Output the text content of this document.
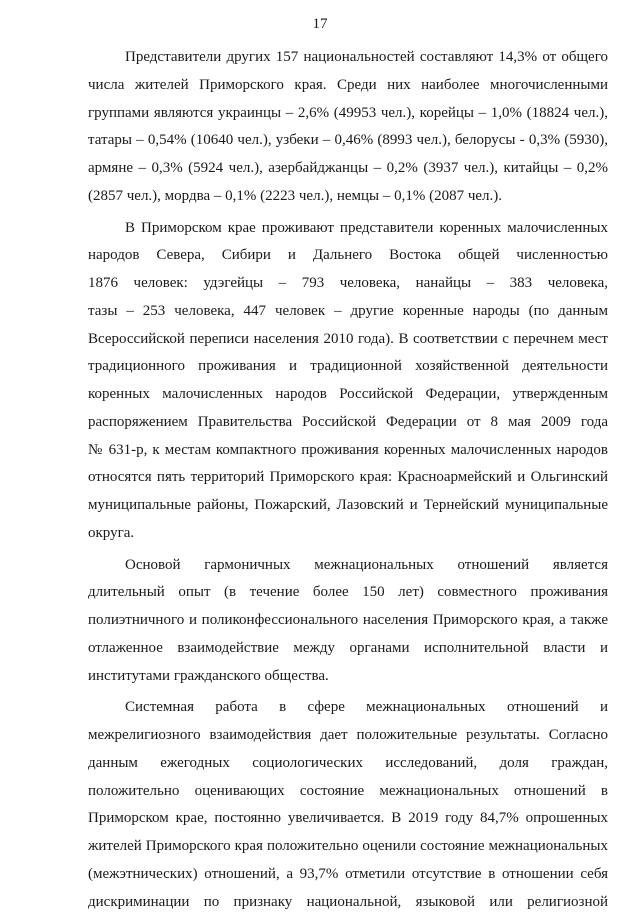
17
Представители других 157 национальностей составляют 14,3% от общего
числа жителей Приморского края. Среди них наиболее многочисленными
группами являются украинцы – 2,6% (49953 чел.), корейцы – 1,0% (18824 чел.),
татары – 0,54% (10640 чел.), узбеки – 0,46% (8993 чел.), белорусы - 0,3% (5930),
армяне – 0,3% (5924 чел.), азербайджанцы – 0,2% (3937 чел.), китайцы – 0,2%
(2857 чел.), мордва – 0,1% (2223 чел.), немцы – 0,1% (2087 чел.).
В Приморском крае проживают представители коренных малочисленных
народов Севера, Сибири и Дальнего Востока общей численностью
1876 человек: удэгейцы – 793 человека, нанайцы – 383 человека,
тазы – 253 человека, 447 человек – другие коренные народы (по данным
Всероссийской переписи населения 2010 года). В соответствии с перечнем мест
традиционного проживания и традиционной хозяйственной деятельности
коренных малочисленных народов Российской Федерации, утвержденным
распоряжением Правительства Российской Федерации от 8 мая 2009 года
№ 631-р, к местам компактного проживания коренных малочисленных народов
относятся пять территорий Приморского края: Красноармейский и Ольгинский
муниципальные районы, Пожарский, Лазовский и Тернейский муниципальные
округа.
Основой гармоничных межнациональных отношений является
длительный опыт (в течение более 150 лет) совместного проживания
полиэтничного и поликонфессионального населения Приморского края, а также
отлаженное взаимодействие между органами исполнительной власти и
институтами гражданского общества.
Системная работа в сфере межнациональных отношений и
межрелигиозного взаимодействия дает положительные результаты. Согласно
данным ежегодных социологических исследований, доля граждан,
положительно оценивающих состояние межнациональных отношений в
Приморском крае, постоянно увеличивается. В 2019 году 84,7% опрошенных
жителей Приморского края положительно оценили состояние межнациональных
(межэтнических) отношений, а 93,7% отметили отсутствие в отношении себя
дискриминации по признаку национальной, языковой или религиозной
